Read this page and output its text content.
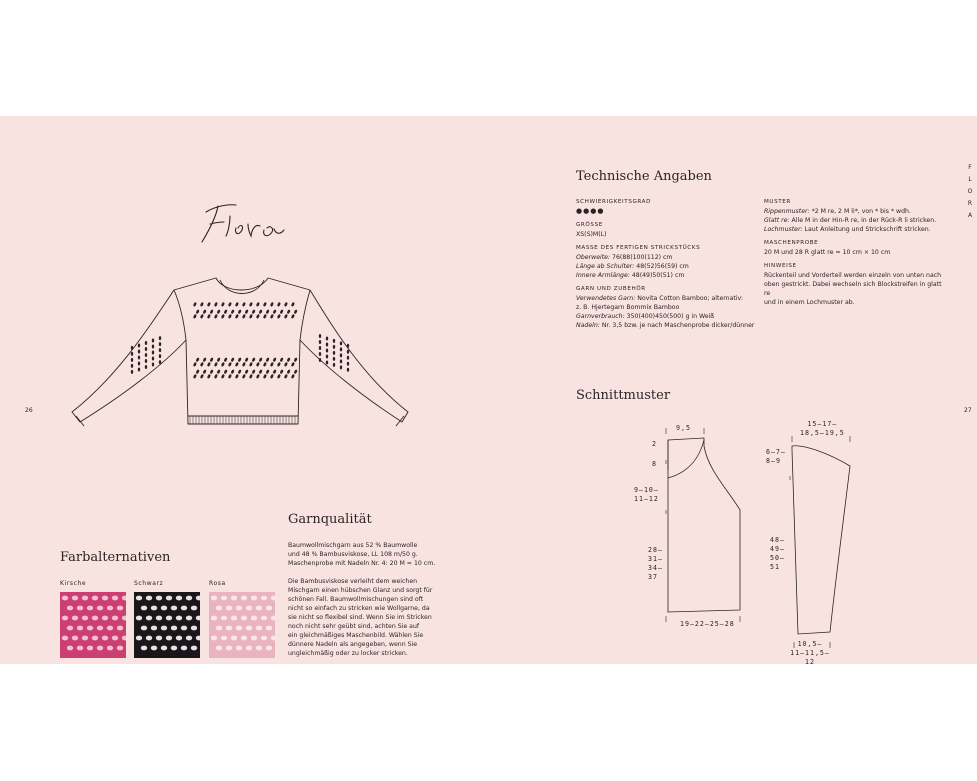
26
Farbalternativen
Kirsche	Schwarz	Rosa
Garnqualität
Baumwollmischgarn aus 52 % Baumwolle
und 48 % Bambusviskose, LL 108 m/50 g.
Maschenprobe mit Nadeln Nr. 4: 20 M = 10 cm.
Die Bambusviskose verleiht dem weichen
Mischgarn einen hübschen Glanz und sorgt für
schönen Fall. Baumwollmischungen sind oft
nicht so einfach zu stricken wie Wollgarne, da
sie nicht so flexibel sind. Wenn Sie im Stricken
noch nicht sehr geübt sind, achten Sie auf
ein gleichmäßiges Maschenbild. Wählen Sie
dünnere Nadeln als angegeben, wenn Sie
ungleichmäßig oder zu locker stricken.
Technische Angaben
SCHWIERIGKEITSGRAD
●●●●
GRÖSSE
XS(S)M(L)
MASSE DES FERTIGEN STRICKSTÜCKS
Oberweite: 76(88)100(112) cm
Länge ab Schulter: 48(52)56(59) cm
Innere Armlänge: 48(49)50(51) cm
GARN UND ZUBEHÖR
Verwendetes Garn: Novita Cotton Bamboo; alternativ:
z. B. Hjertegarn Bommix Bamboo
Garnverbrauch: 350(400)450(500) g in Weiß
Nadeln: Nr. 3,5 bzw. je nach Maschenprobe dicker/dünner
MUSTER
Rippenmuster: *2 M re, 2 M li*, von * bis * wdh.
Glatt re: Alle M in der Hin-R re, in der Rück-R li stricken.
Lochmuster: Laut Anleitung und Strickschrift stricken.
MASCHENPROBE
20 M und 28 R glatt re = 10 cm × 10 cm
HINWEISE
Rückenteil und Vorderteil werden einzeln von unten nach
oben gestrickt. Dabei wechseln sich Blockstreifen in glatt re
und in einem Lochmuster ab.
F
L
O
R
A
27
Schnittmuster
9,5
2
8
9–10–
11–12
28–
31–
34–
37
19–22–25–28
15–17–
18,5–19,5
6–7–
8–9
48–
49–
50–
51
10,5–
11–11,5–
12
